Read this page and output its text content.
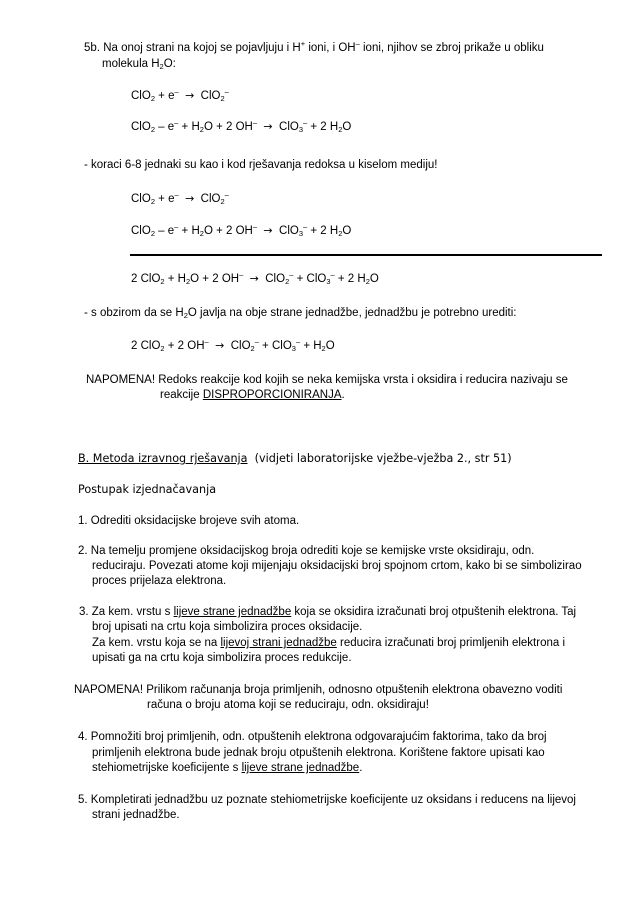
5b. Na onoj strani na kojoj se pojavljuju i H+ ioni, i OH– ioni, njihov se zbroj prikaže u obliku
molekula $H_2O$:
ClO$_2$ + e– →  ClO$_2$–
$ClO_2 - e^- + H_2O + 2$ OH– →  ClO$_3$– + 2 $H_2O$
- koraci 6-8 jednaki su kao i kod rješavanja redoksa u kiselom mediju!
ClO$_2$ + e– →  ClO$_2$–
$ClO_2 - e^- + H_2O + 2$ OH– →  ClO$_3$– + 2 $H_2O$
2 $ClO_2 + H_2O + 2$ OH– →  ClO$_2$– + ClO$_3$– + 2 $H_2O$
- s obzirom da se $H_2O$ javlja na obje strane jednadžbe, jednadžbu je potrebno urediti:
2 ClO$_2$ + 2 $OH^- \to ClO_2^- + ClO_3^- + H_2O$
NAPOMENA! Redoks reakcije kod kojih se neka kemijska vrsta i oksidira i reducira nazivaju se
reakcije DISPROPORCIONIRANJA.
B. Metoda izravnog rješavanja (vidjeti laboratorijske vježbe-vježba 2., str 51)
Postupak izjednačavanja
1. Odrediti oksidacijske brojeve svih atoma.
2. Na temelju promjene oksidacijskog broja odrediti koje se kemijske vrste oksidiraju, odn.
reduciraju. Povezati atome koji mijenjaju oksidacijski broj spojnom crtom, kako bi se simbolizirao
proces prijelaza elektrona.
3. Za kem. vrstu s lijeve strane jednadžbe koja se oksidira izračunati broj otpuštenih elektrona. Taj
broj upisati na crtu koja simbolizira proces oksidacije.
Za kem. vrstu koja se na lijevoj strani jednadžbe reducira izračunati broj primljenih elektrona i
upisati ga na crtu koja simbolizira proces redukcije.
NAPOMENA! Prilikom računanja broja primljenih, odnosno otpuštenih elektrona obavezno voditi
računa o broju atoma koji se reduciraju, odn. oksidiraju!
4. Pomnožiti broj primljenih, odn. otpuštenih elektrona odgovarajućim faktorima, tako da broj
primljenih elektrona bude jednak broju otpuštenih elektrona. Korištene faktore upisati kao
stehiometrijske koeficijente s lijeve strane jednadžbe.
5. Kompletirati jednadžbu uz poznate stehiometrijske koeficijente uz oksidans i reducens na lijevoj
strani jednadžbe.
